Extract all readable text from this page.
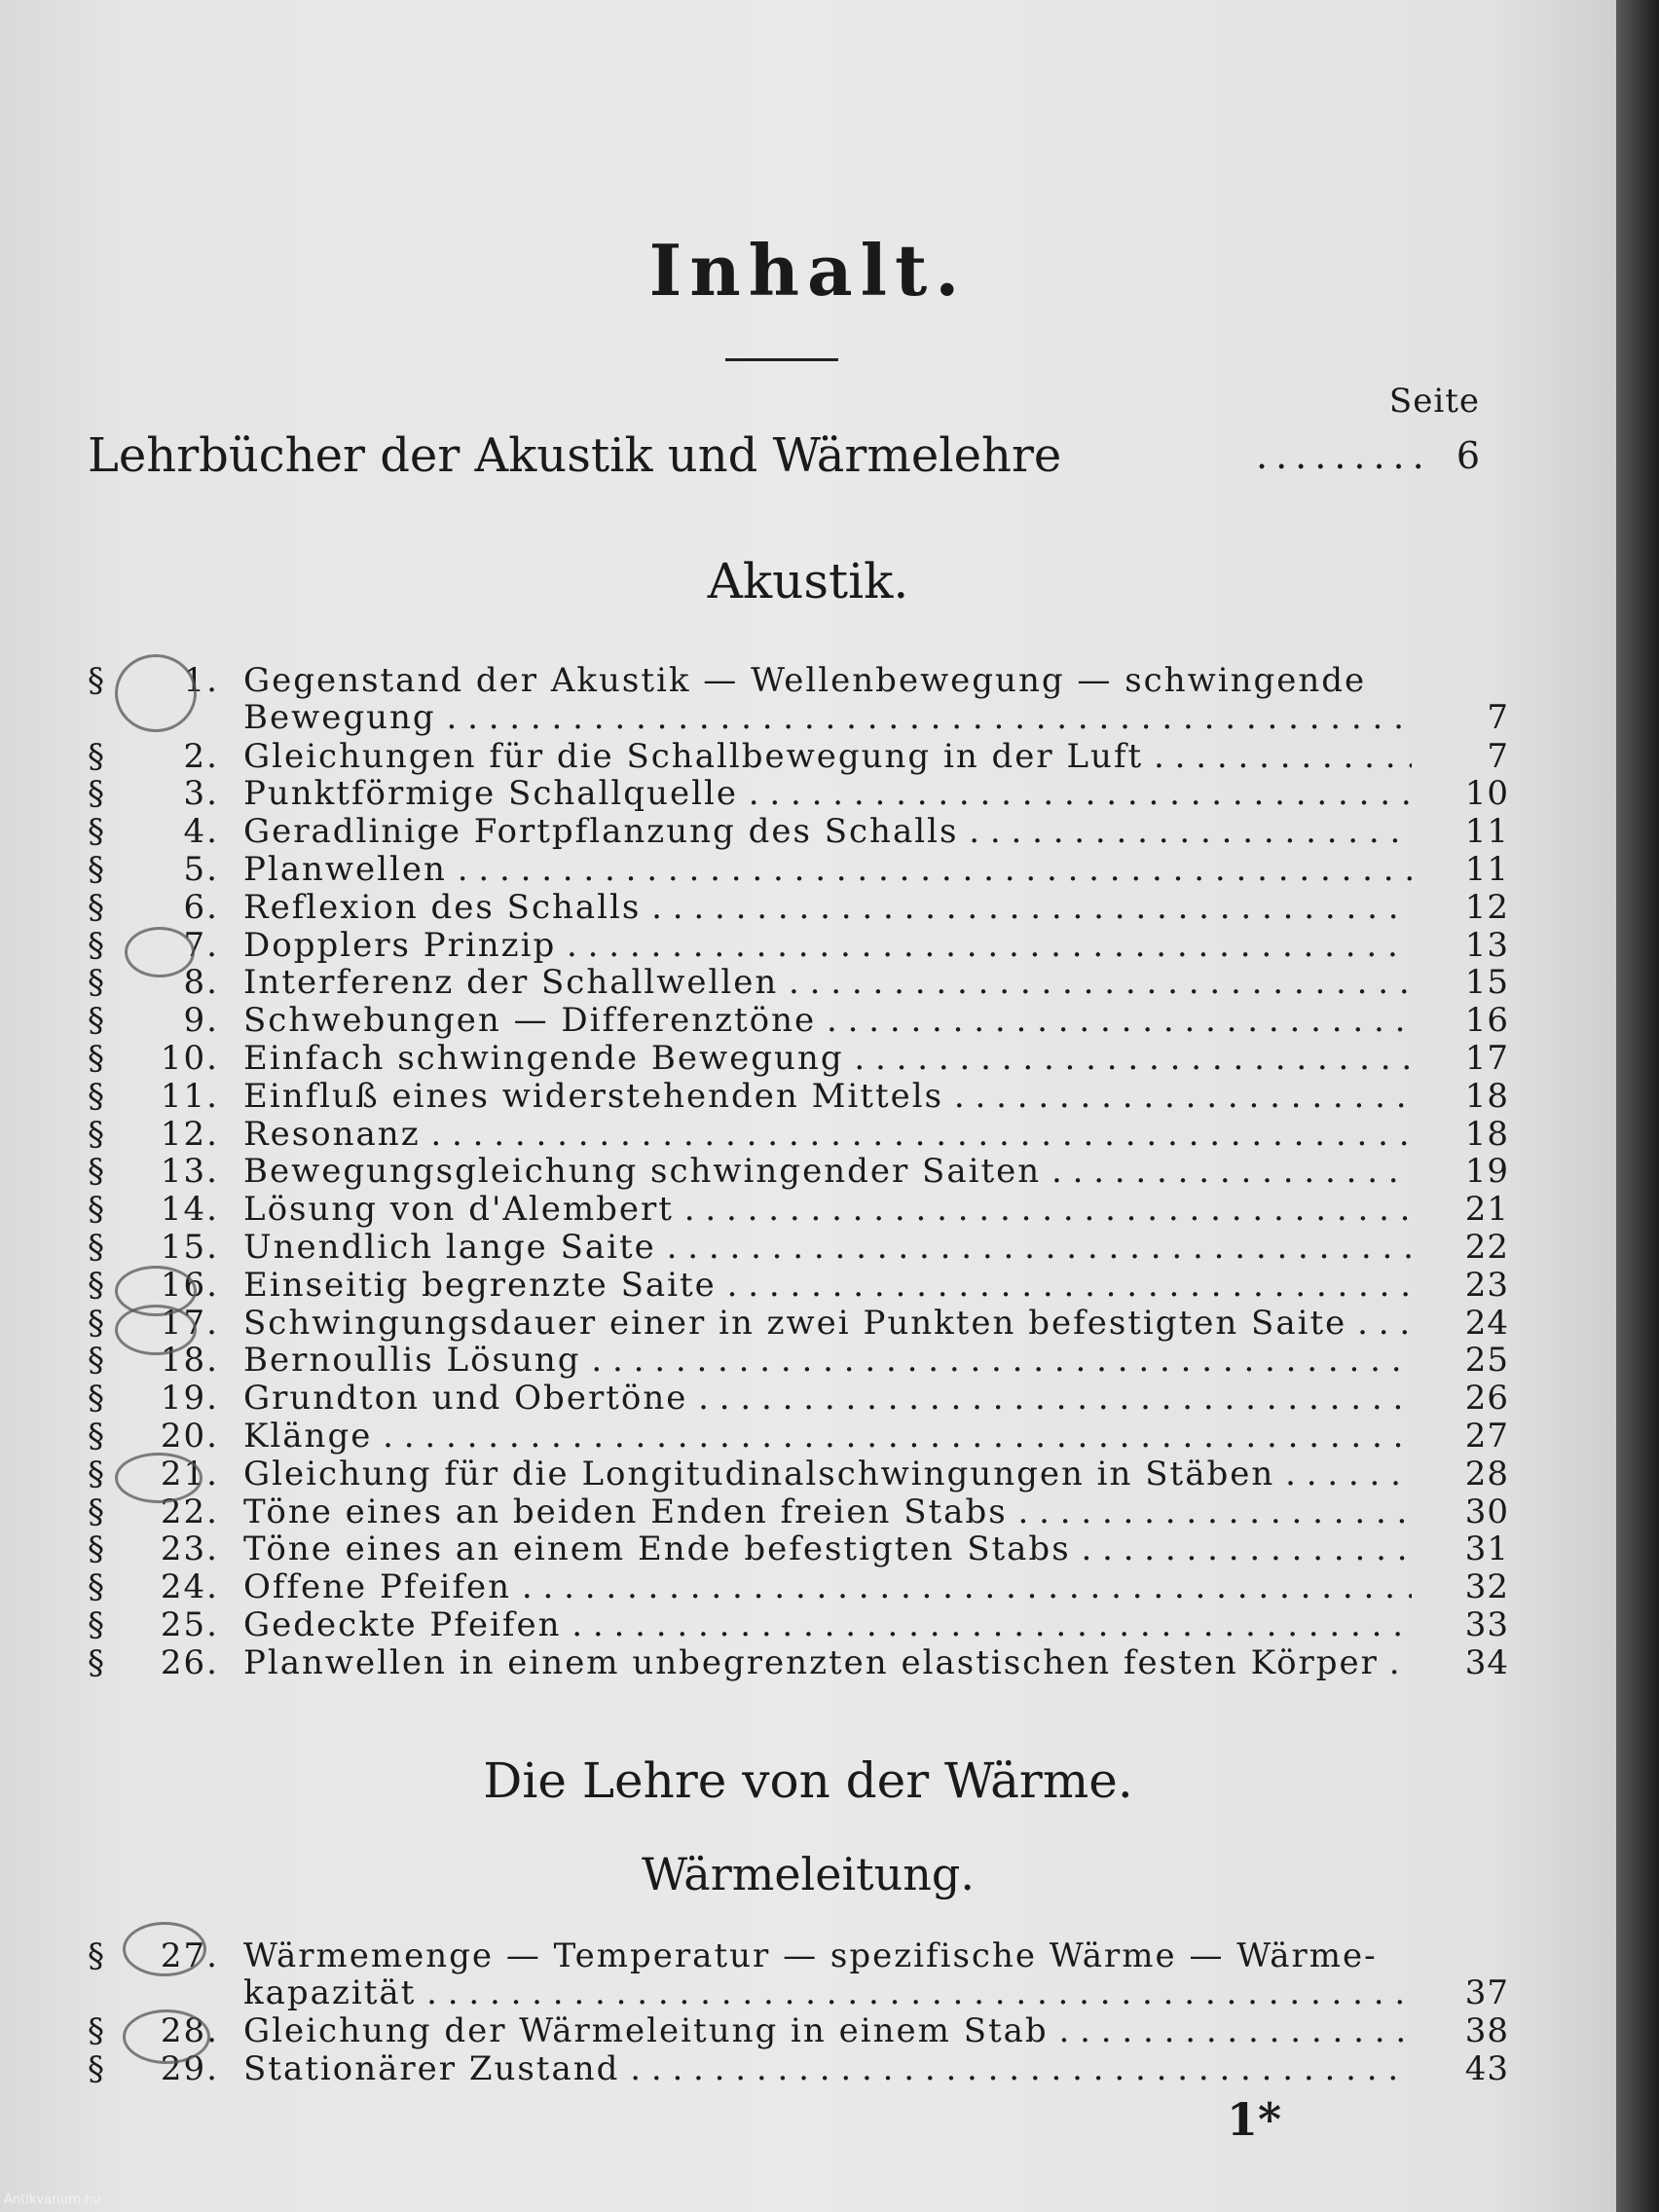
Inhalt.
Seite
Lehrbücher der Akustik und Wärmelehre	......... 6
Akustik.
§	1. Gegenstand der Akustik — Wellenbewegung — schwingende
Bewegung . . .	7
§	2. Gleichungen für die Schallbewegung in der Luft . . .	7
§	3. Punktförmige Schallquelle . . .	10
§	4. Geradlinige Fortpflanzung des Schalls . . .	11
§	5. Planwellen . . .	11
§	6. Reflexion des Schalls . . .	12
§	7. Dopplers Prinzip . . .	13
§	8. Interferenz der Schallwellen . . .	15
§	9. Schwebungen — Differenztöne . . .	16
§	10. Einfach schwingende Bewegung . . .	17
§	11. Einfluß eines widerstehenden Mittels . . .	18
§	12. Resonanz . . .	18
§	13. Bewegungsgleichung schwingender Saiten . . .	19
§	14. Lösung von d'Alembert . . .	21
§	15. Unendlich lange Saite . . .	22
§	16. Einseitig begrenzte Saite . . .	23
§	17. Schwingungsdauer einer in zwei Punkten befestigten Saite . . .	24
§	18. Bernoullis Lösung . . .	25
§	19. Grundton und Obertöne . . .	26
§	20. Klänge . . .	27
§	21. Gleichung für die Longitudinalschwingungen in Stäben . . .	28
§	22. Töne eines an beiden Enden freien Stabs . . .	30
§	23. Töne eines an einem Ende befestigten Stabs . . .	31
§	24. Offene Pfeifen . . .	32
§	25. Gedeckte Pfeifen . . .	33
§	26. Planwellen in einem unbegrenzten elastischen festen Körper . . .	34
Die Lehre von der Wärme.
Wärmeleitung.
§	27. Wärmemenge — Temperatur — spezifische Wärme — Wärme-
kapazität . . .	37
§	28. Gleichung der Wärmeleitung in einem Stab . . .	38
§	29. Stationärer Zustand . . .	43
1*
Antikvarium.hu
